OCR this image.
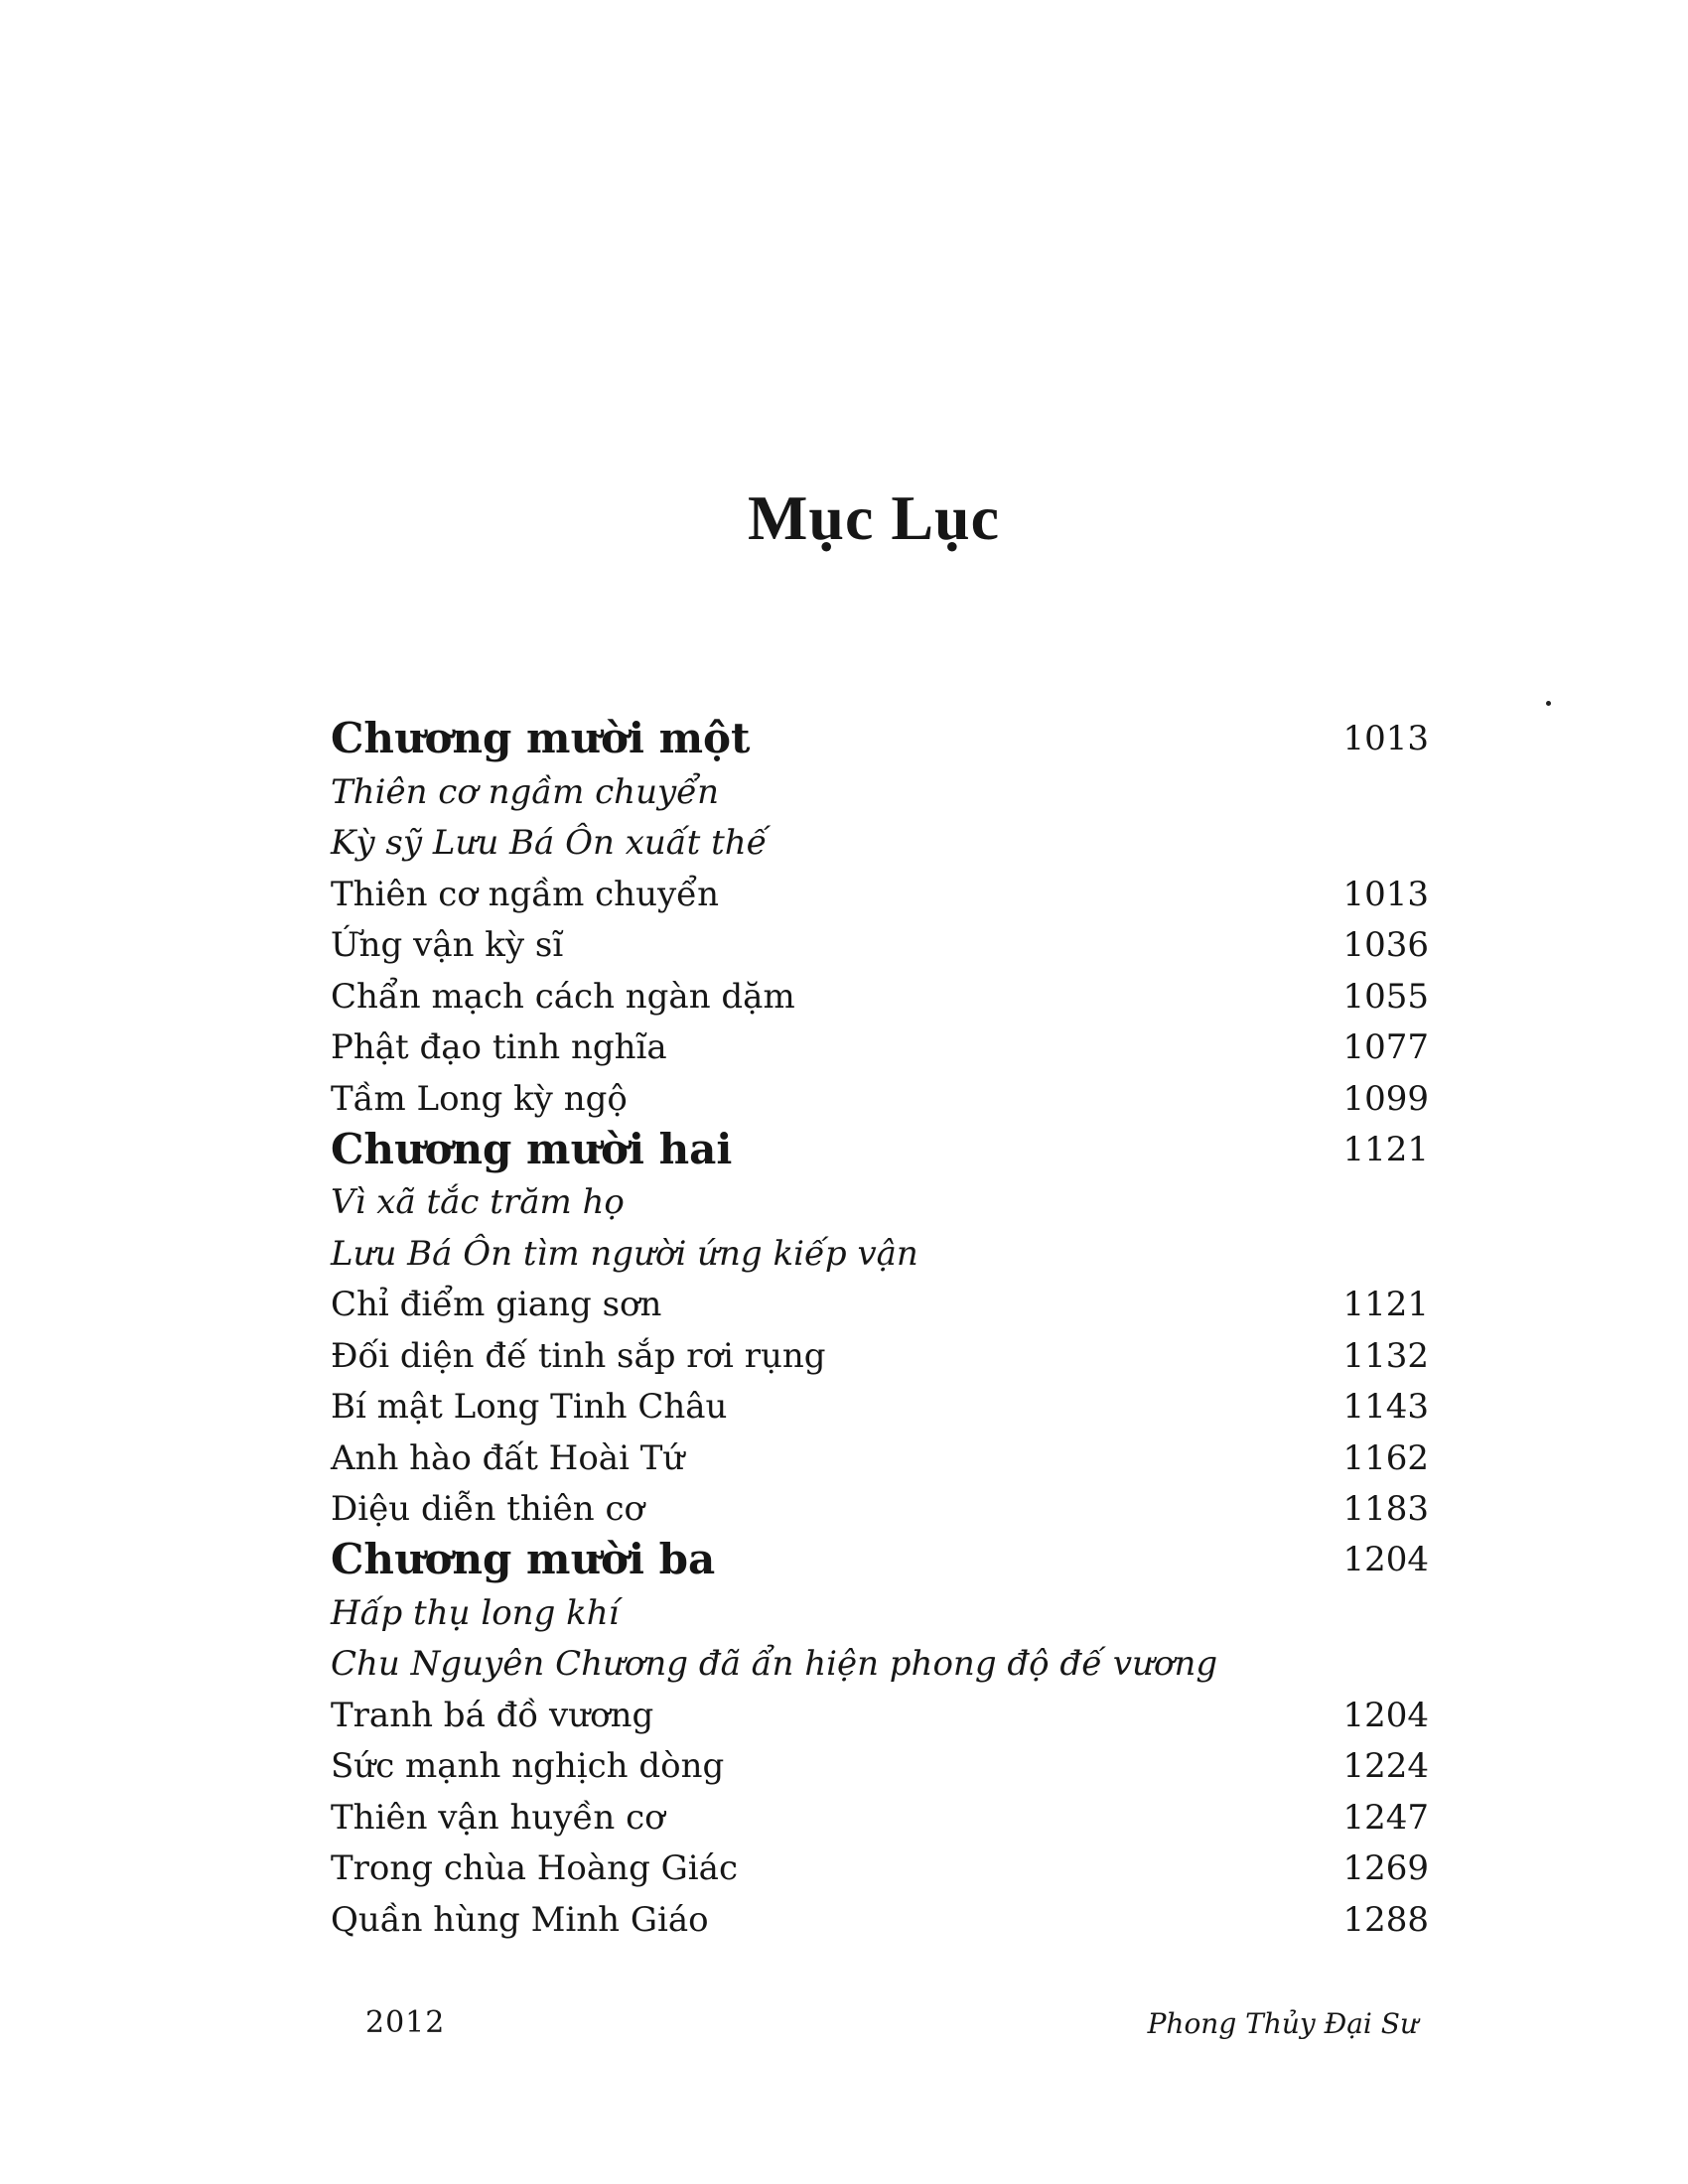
Mục Lục
Chương mười một	1013
Thiên cơ ngầm chuyển
Kỳ sỹ Lưu Bá Ôn xuất thế
Thiên cơ ngầm chuyển	1013
Ứng vận kỳ sĩ	1036
Chẩn mạch cách ngàn dặm	1055
Phật đạo tinh nghĩa	1077
Tầm Long kỳ ngộ	1099
Chương mười hai	1121
Vì xã tắc trăm họ
Lưu Bá Ôn tìm người ứng kiếp vận
Chỉ điểm giang sơn	1121
Đối diện đế tinh sắp rơi rụng	1132
Bí mật Long Tinh Châu	1143
Anh hào đất Hoài Tứ	1162
Diệu diễn thiên cơ	1183
Chương mười ba	1204
Hấp thụ long khí
Chu Nguyên Chương đã ẩn hiện phong độ đế vương
Tranh bá đồ vương	1204
Sức mạnh nghịch dòng	1224
Thiên vận huyền cơ	1247
Trong chùa Hoàng Giác	1269
Quần hùng Minh Giáo	1288
2012	Phong Thủy Đại Sư
